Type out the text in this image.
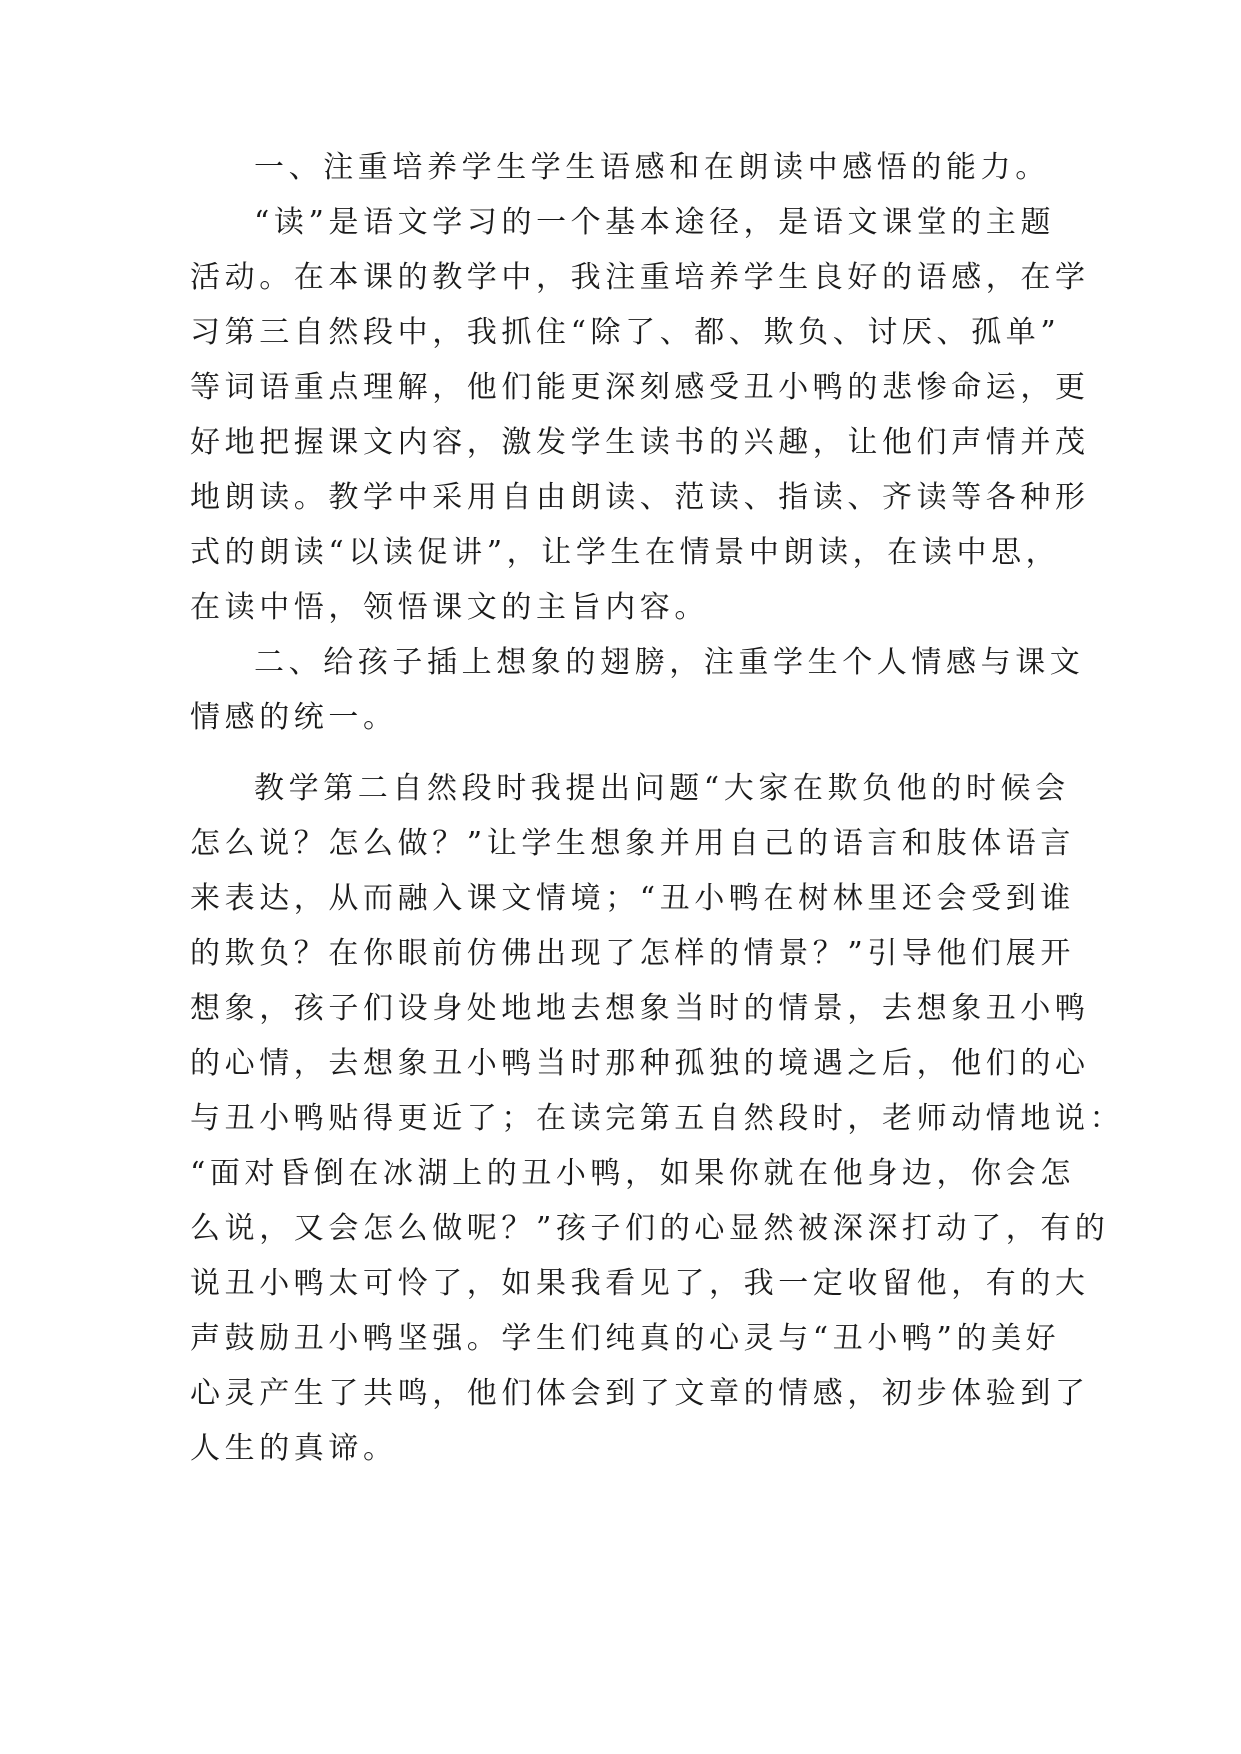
一、注重培养学生学生语感和在朗读中感悟的能力。

“读”是语文学习的一个基本途径，是语文课堂的主题

活动。在本课的教学中，我注重培养学生良好的语感，在学

习第三自然段中，我抓住“除了、都、欺负、讨厌、孤单”

等词语重点理解，他们能更深刻感受丑小鸭的悲惨命运，更

好地把握课文内容，激发学生读书的兴趣，让他们声情并茂

地朗读。教学中采用自由朗读、范读、指读、齐读等各种形

式的朗读“以读促讲”，让学生在情景中朗读，在读中思，

在读中悟，领悟课文的主旨内容。

二、给孩子插上想象的翅膀，注重学生个人情感与课文

情感的统一。

教学第二自然段时我提出问题“大家在欺负他的时候会

怎么说？怎么做？”让学生想象并用自己的语言和肢体语言

来表达，从而融入课文情境；“丑小鸭在树林里还会受到谁

的欺负？在你眼前仿佛出现了怎样的情景？”引导他们展开

想象，孩子们设身处地地去想象当时的情景，去想象丑小鸭

的心情，去想象丑小鸭当时那种孤独的境遇之后，他们的心

与丑小鸭贴得更近了；在读完第五自然段时，老师动情地说：

“面对昏倒在冰湖上的丑小鸭，如果你就在他身边，你会怎

么说，又会怎么做呢？”孩子们的心显然被深深打动了，有的

说丑小鸭太可怜了，如果我看见了，我一定收留他，有的大

声鼓励丑小鸭坚强。学生们纯真的心灵与“丑小鸭”的美好

心灵产生了共鸣，他们体会到了文章的情感，初步体验到了

人生的真谛。
